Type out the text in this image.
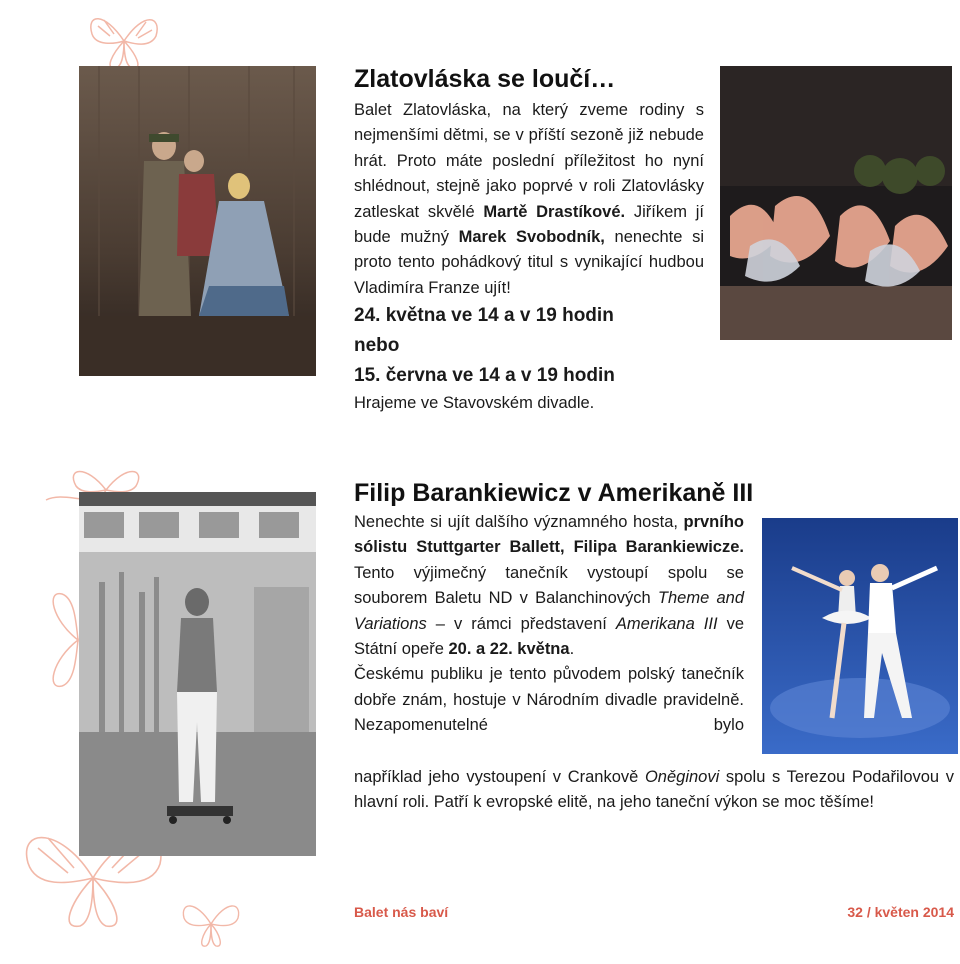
Zlatovláska se loučí…

Balet Zlatovláska, na který zveme rodiny s nejmenšími dětmi, se v příští sezoně již nebude hrát. Proto máte poslední příležitost ho nyní shlédnout, stejně jako poprvé v roli Zlatovlásky zatleskat skvělé Martě Drastíkové. Jiříkem jí bude mužný Marek Svobodník, nenechte si proto tento pohádkový titul s vynikající hudbou Vladimíra Franze ujít!

24. května ve 14 a v 19 hodin

nebo

15. června ve 14 a v 19 hodin

Hrajeme ve Stavovském divadle.

Filip Barankiewicz v Amerikaně III

Nenechte si ujít dalšího významného hosta, prvního sólistu Stuttgarter Ballett, Filipa Barankiewicze. Tento výjimečný tanečník vystoupí spolu se souborem Baletu ND v Balanchinových Theme and Variations – v rámci představení Amerikana III ve Státní opeře 20. a 22. května.

Českému publiku je tento původem polský tanečník dobře znám, hostuje v Národním divadle pravidelně. Nezapomenutelné bylo

například jeho vystoupení v Crankově Oněginovi spolu s Terezou Podařilovou v hlavní roli. Patří k evropské elitě, na jeho taneční výkon se moc těšíme!

Balet nás baví	32 / květen 2014
